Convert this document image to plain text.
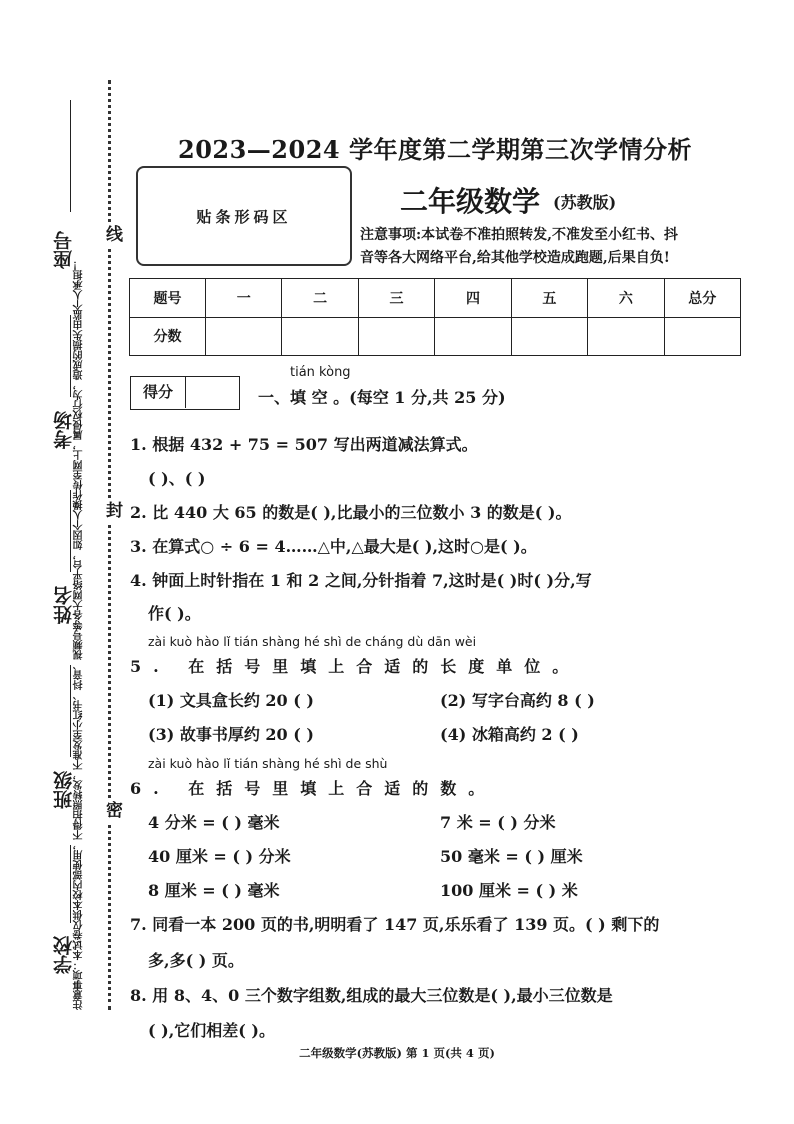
注意事项：本试卷仅供本校内部使用，不得拍照转发，不准发至小红书、抖音、视频号等各大网络平台，如因个人操作传至网上，属侵权行为，造成的损失由监个人承担！
座号
考场
姓名
班级
学校
线
封
密
2023—2024 学年度第二学期第三次学情分析
贴条形码区	二年级数学 (苏教版)
注意事项:本试卷不准拍照转发,不准发至小红书、抖
音等各大网络平台,给其他学校造成跑题,后果自负!
题号	一	二	三	四	五	六	总分
分数							
得分
tián kòng
一、填 空 。(每空 1 分,共 25 分)
1. 根据 432 + 75 = 507 写出两道减法算式。
( )、( )
2. 比 440 大 65 的数是( ),比最小的三位数小 3 的数是( )。
3. 在算式○ ÷ 6 = 4……△中,△最大是( ),这时○是( )。
4. 钟面上时针指在 1 和 2 之间,分针指着 7,这时是( )时( )分,写
作( )。
zài kuò hào lǐ tián shàng hé shì de cháng dù dān wèi
5. 在括号里填上合适的长度单位。
(1) 文具盒长约 20 ( )	(2) 写字台高约 8 ( )
(3) 故事书厚约 20 ( )	(4) 冰箱高约 2 ( )
zài kuò hào lǐ tián shàng hé shì de shù
6. 在括号里填上合适的数。
4 分米 = ( ) 毫米	7 米 = ( ) 分米
40 厘米 = ( ) 分米	50 毫米 = ( ) 厘米
8 厘米 = ( ) 毫米	100 厘米 = ( ) 米
7. 同看一本 200 页的书,明明看了 147 页,乐乐看了 139 页。( ) 剩下的
多,多( ) 页。
8. 用 8、4、0 三个数字组数,组成的最大三位数是( ),最小三位数是
( ),它们相差( )。
二年级数学(苏教版) 第 1 页(共 4 页)
